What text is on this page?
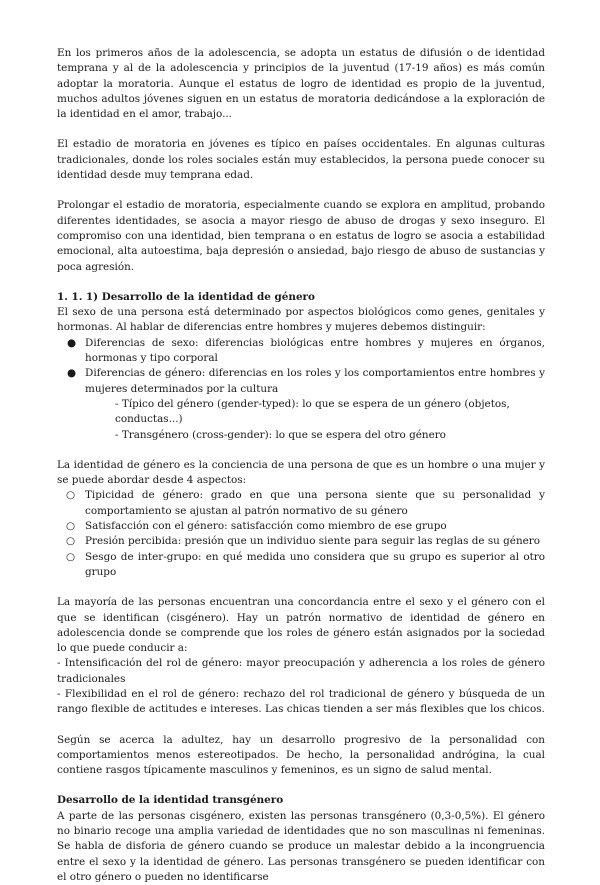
En los primeros años de la adolescencia, se adopta un estatus de difusión o de identidad temprana y al de la adolescencia y principios de la juventud (17-19 años) es más común adoptar la moratoria. Aunque el estatus de logro de identidad es propio de la juventud, muchos adultos jóvenes siguen en un estatus de moratoria dedicándose a la exploración de la identidad en el amor, trabajo...

El estadio de moratoria en jóvenes es típico en países occidentales. En algunas culturas tradicionales, donde los roles sociales están muy establecidos, la persona puede conocer su identidad desde muy temprana edad.

Prolongar el estadio de moratoria, especialmente cuando se explora en amplitud, probando diferentes identidades, se asocia a mayor riesgo de abuso de drogas y sexo inseguro. El compromiso con una identidad, bien temprana o en estatus de logro se asocia a estabilidad emocional, alta autoestima, baja depresión o ansiedad, bajo riesgo de abuso de sustancias y poca agresión.

1. 1. 1) Desarrollo de la identidad de género

El sexo de una persona está determinado por aspectos biológicos como genes, genitales y hormonas. Al hablar de diferencias entre hombres y mujeres debemos distinguir:

● Diferencias de sexo: diferencias biológicas entre hombres y mujeres en órganos, hormonas y tipo corporal
● Diferencias de género: diferencias en los roles y los comportamientos entre hombres y mujeres determinados por la cultura
- Típico del género (gender-typed): lo que se espera de un género (objetos, conductas...)
- Transgénero (cross-gender): lo que se espera del otro género

La identidad de género es la conciencia de una persona de que es un hombre o una mujer y se puede abordar desde 4 aspectos:

○ Tipicidad de género: grado en que una persona siente que su personalidad y comportamiento se ajustan al patrón normativo de su género
○ Satisfacción con el género: satisfacción como miembro de ese grupo
○ Presión percibida: presión que un individuo siente para seguir las reglas de su género
○ Sesgo de inter-grupo: en qué medida uno considera que su grupo es superior al otro grupo

La mayoría de las personas encuentran una concordancia entre el sexo y el género con el que se identifican (cisgénero). Hay un patrón normativo de identidad de género en adolescencia donde se comprende que los roles de género están asignados por la sociedad lo que puede conducir a:

- Intensificación del rol de género: mayor preocupación y adherencia a los roles de género tradicionales
- Flexibilidad en el rol de género: rechazo del rol tradicional de género y búsqueda de un rango flexible de actitudes e intereses. Las chicas tienden a ser más flexibles que los chicos.

Según se acerca la adultez, hay un desarrollo progresivo de la personalidad con comportamientos menos estereotipados. De hecho, la personalidad andrógina, la cual contiene rasgos típicamente masculinos y femeninos, es un signo de salud mental.

Desarrollo de la identidad transgénero

A parte de las personas cisgénero, existen las personas transgénero (0,3-0,5%). El género no binario recoge una amplia variedad de identidades que no son masculinas ni femeninas. Se habla de disforia de género cuando se produce un malestar debido a la incongruencia entre el sexo y la identidad de género. Las personas transgénero se pueden identificar con el otro género o pueden no identificarse
